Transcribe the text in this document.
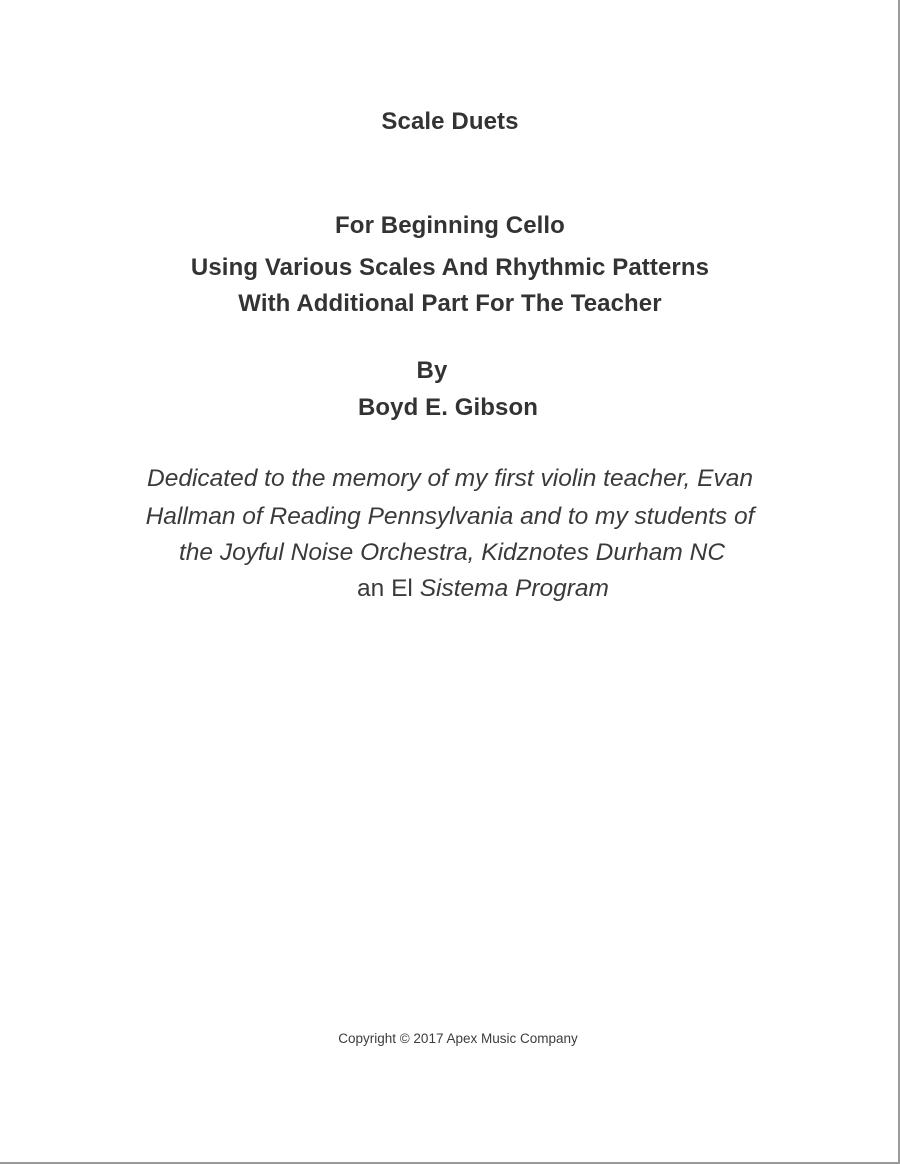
Scale Duets
For Beginning Cello
Using Various Scales And Rhythmic Patterns
With Additional Part For The Teacher
By
Boyd E. Gibson
Dedicated to the memory of my first violin teacher, Evan
Hallman of Reading Pennsylvania and to my students of
the Joyful Noise Orchestra, Kidznotes Durham NC
an El Sistema Program
Copyright © 2017 Apex Music Company
